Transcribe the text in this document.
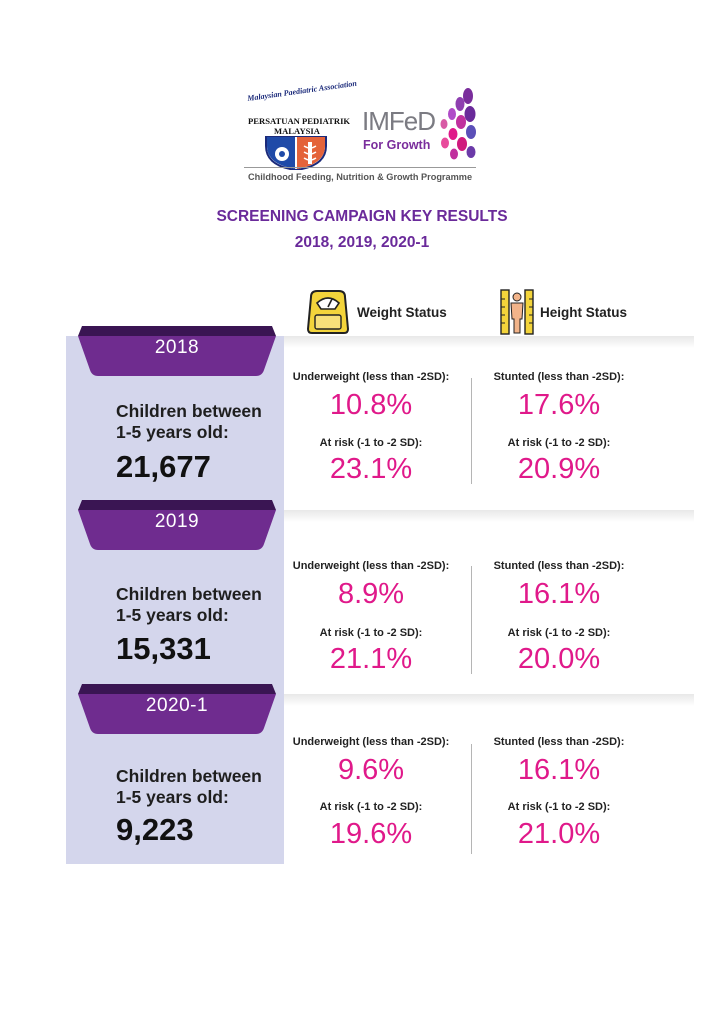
Malaysian Paediatric Association
PERSATUAN PEDIATRIK
MALAYSIA	IMFeD
For Growth
Childhood Feeding, Nutrition & Growth Programme
SCREENING CAMPAIGN KEY RESULTS
2018, 2019, 2020-1
Weight Status	Height Status
2018
Children between
1-5 years old:
21,677
Underweight (less than -2SD):
10.8%
At risk (-1 to -2 SD):
23.1%
Stunted (less than -2SD):
17.6%
At risk (-1 to -2 SD):
20.9%
2019
Children between
1-5 years old:
15,331
Underweight (less than -2SD):
8.9%
At risk (-1 to -2 SD):
21.1%
Stunted (less than -2SD):
16.1%
At risk (-1 to -2 SD):
20.0%
2020-1
Children between
1-5 years old:
9,223
Underweight (less than -2SD):
9.6%
At risk (-1 to -2 SD):
19.6%
Stunted (less than -2SD):
16.1%
At risk (-1 to -2 SD):
21.0%
